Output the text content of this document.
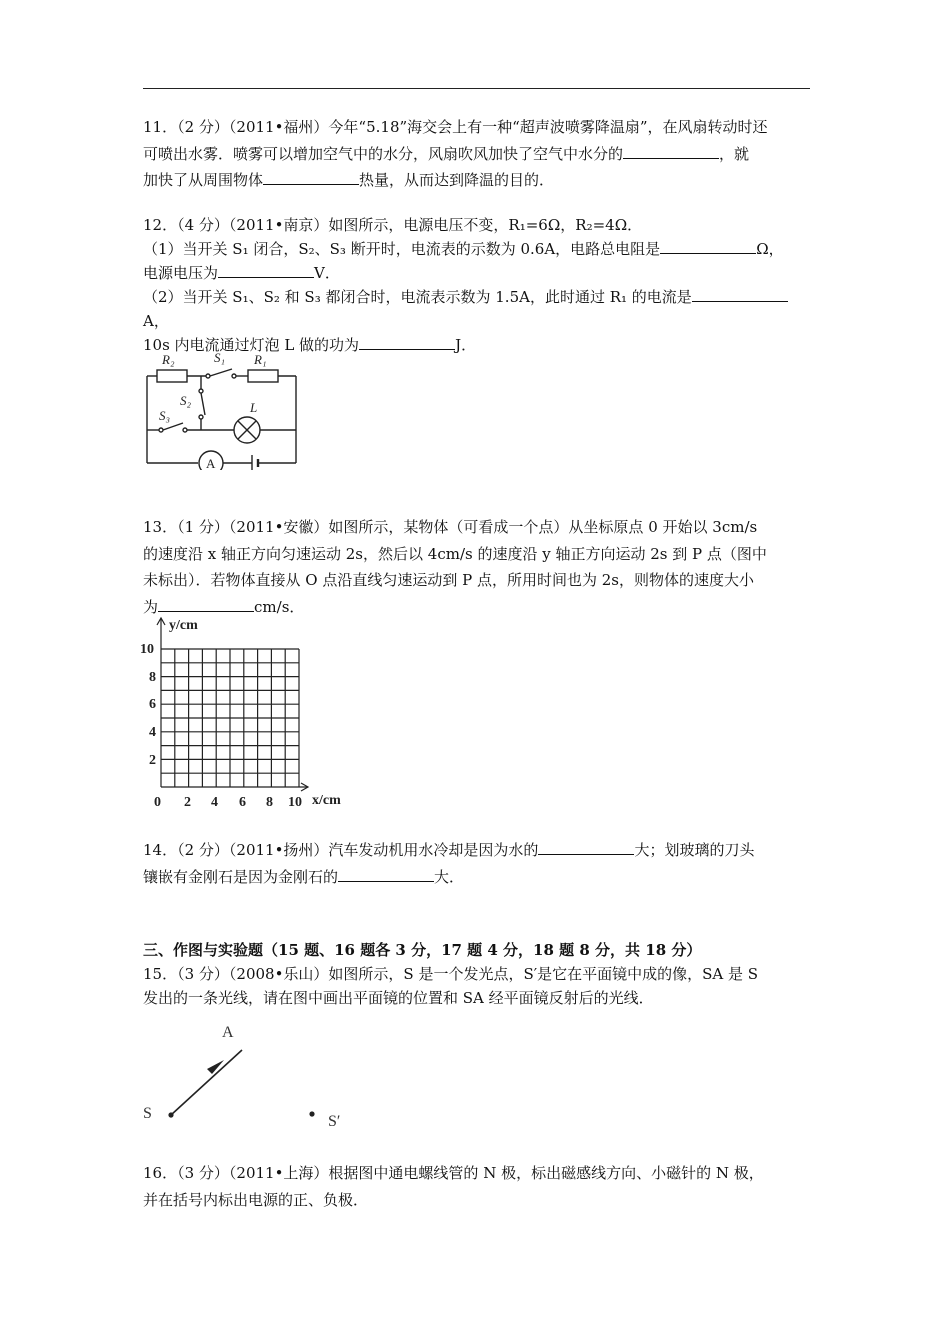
11．（2 分）（2011•福州）今年“5.18”海交会上有一种“超声波喷雾降温扇”，在风扇转动时还

可喷出水雾．喷雾可以增加空气中的水分，风扇吹风加快了空气中水分的	，就

加快了从周围物体	热量，从而达到降温的目的．

12．（4 分）（2011•南京）如图所示，电源电压不变，R₁=6Ω，R₂=4Ω．

（1）当开关 S₁ 闭合，S₂、S₃ 断开时，电流表的示数为 0.6A，电路总电阻是	Ω，

电源电压为	V．

（2）当开关 S₁、S₂ 和 S₃ 都闭合时，电流表示数为 1.5A，此时通过 R₁ 的电流是A，

10s 内电流通过灯泡 L 做的功为	J．

R₂	S₁ R₁
S₂
S₃
L
A

13．（1 分）（2011•安徽）如图所示，某物体（可看成一个点）从坐标原点 0 开始以 3cm/s

的速度沿 x 轴正方向匀速运动 2s，然后以 4cm/s 的速度沿 y 轴正方向运动 2s 到 P 点（图中

未标出）．若物体直接从 O 点沿直线匀速运动到 P 点，所用时间也为 2s，则物体的速度大小

为	cm/s．

y/cm
x/cm
10
8
6
4
2
0 2 4 6 8 10

14．（2 分）（2011•扬州）汽车发动机用水冷却是因为水的	大；划玻璃的刀头

镶嵌有金刚石是因为金刚石的	大．

三、作图与实验题（15 题、16 题各 3 分，17 题 4 分，18 题 8 分，共 18 分）

15．（3 分）（2008•乐山）如图所示，S 是一个发光点，S′是它在平面镜中成的像，SA 是 S

发出的一条光线，请在图中画出平面镜的位置和 SA 经平面镜反射后的光线．

A
S	S′

16．（3 分）（2011•上海）根据图中通电螺线管的 N 极，标出磁感线方向、小磁针的 N 极，

并在括号内标出电源的正、负极．
